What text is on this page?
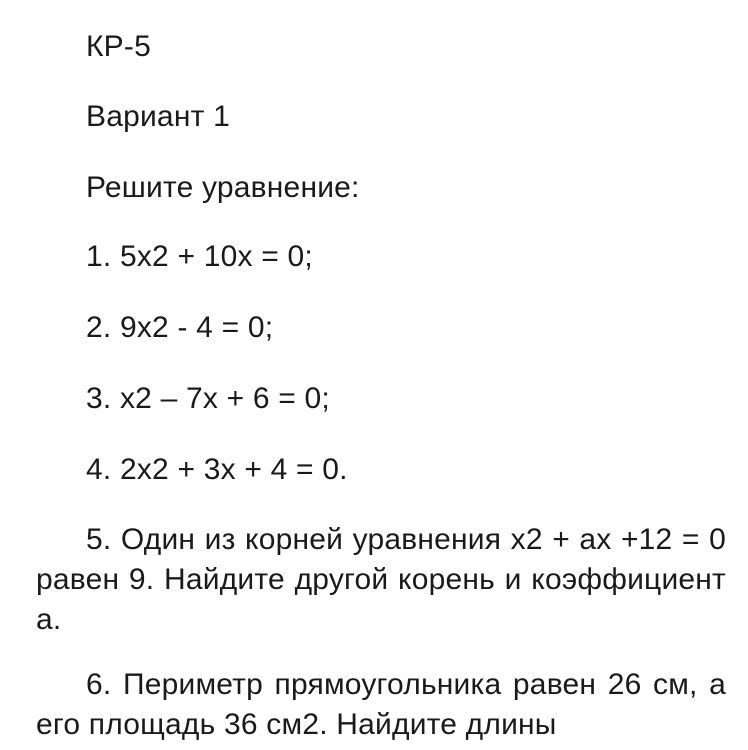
КР-5
Вариант 1
Решите уравнение:
1. 5х2 + 10х = 0;
2. 9х2 - 4 = 0;
3. х2 – 7х + 6 = 0;
4. 2х2 + 3х + 4 = 0.
5. Один из корней уравнения х2 + ах +12 = 0 равен 9. Найдите другой корень и коэффициент а.
6. Периметр прямоугольника равен 26 см, а его площадь 36 см2. Найдите длины
